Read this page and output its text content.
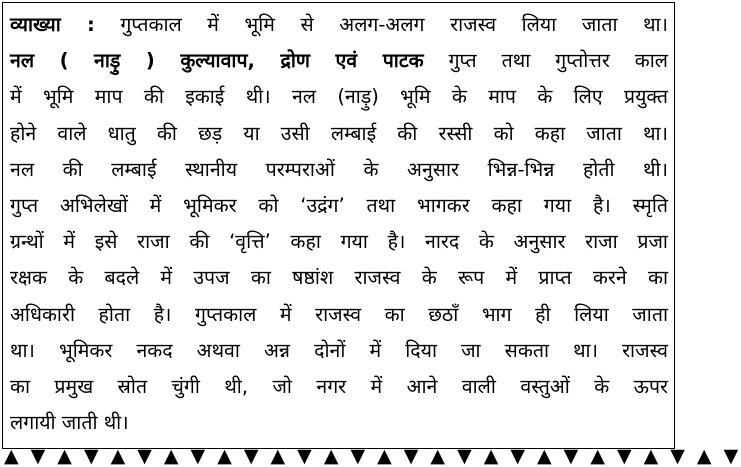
व्याख्या : गुप्तकाल में भूमि से अलग-अलग राजस्व लिया जाता था।
नल ( नाड़ु ) कुल्यावाप, द्रोण एवं पाटक गुप्त तथा गुप्तोत्तर काल
में भूमि माप की इकाई थी। नल (नाड़ु) भूमि के माप के लिए प्रयुक्त
होने वाले धातु की छड़ या उसी लम्बाई की रस्सी को कहा जाता था।
नल की लम्बाई स्थानीय परम्पराओं के अनुसार भिन्न-भिन्न होती थी।
गुप्त अभिलेखों में भूमिकर को ‘उद्रंग’ तथा भागकर कहा गया है। स्मृति
ग्रन्थों में इसे राजा की ‘वृत्ति’ कहा गया है। नारद के अनुसार राजा प्रजा
रक्षक के बदले में उपज का षष्ठांश राजस्व के रूप में प्राप्त करने का
अधिकारी होता है। गुप्तकाल में राजस्व का छठाँ भाग ही लिया जाता
था। भूमिकर नकद अथवा अन्न दोनों में दिया जा सकता था। राजस्व
का प्रमुख स्रोत चुंगी थी, जो नगर में आने वाली वस्तुओं के ऊपर
लगायी जाती थी।
▲ ▼ ▲ ▼ ▲ ▼ ▲ ▼ ▲ ▼ ▲ ▼ ▲ ▼ ▲ ▼ ▲ ▼ ▲ ▼ ▲ ▼ ▲ ▼ ▲ ▼ ▲ ▼
